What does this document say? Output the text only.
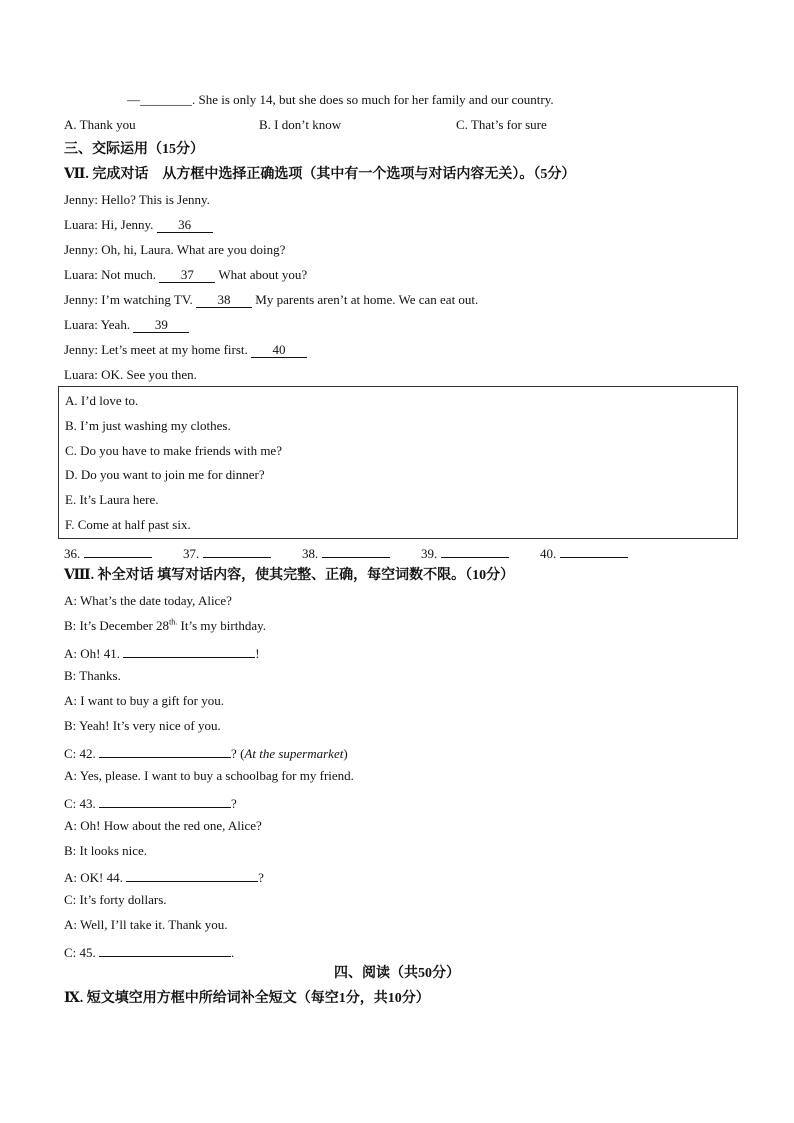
—________. She is only 14, but she does so much for her family and our country.
A. Thank you	B. I don’t know	C. That’s for sure
三、交际运用（15分）
Ⅶ. 完成对话　从方框中选择正确选项（其中有一个选项与对话内容无关）。（5分）
Jenny: Hello? This is Jenny.
Luara: Hi, Jenny. 36
Jenny: Oh, hi, Laura. What are you doing?
Luara: Not much. 37 What about you?
Jenny: I’m watching TV. 38 My parents aren’t at home. We can eat out.
Luara: Yeah. 39
Jenny: Let’s meet at my home first. 40
Luara: OK. See you then.
A. I’d love to.
B. I’m just washing my clothes.
C. Do you have to make friends with me?
D. Do you want to join me for dinner?
E. It’s Laura here.
F. Come at half past six.
36.	37.	38.	39.	40.
Ⅷ. 补全对话 填写对话内容，使其完整、正确，每空词数不限。（10分）
A: What’s the date today, Alice?
B: It’s December $28^{th.}$ It’s my birthday.
A: Oh! 41.	!
B: Thanks.
A: I want to buy a gift for you.
B: Yeah! It’s very nice of you.
C: 42.	? (At the supermarket)
A: Yes, please. I want to buy a schoolbag for my friend.
C: 43.	?
A: Oh! How about the red one, Alice?
B: It looks nice.
A: OK! 44.	?
C: It’s forty dollars.
A: Well, I’ll take it. Thank you.
C: 45.	.
四、阅读（共50分）
Ⅸ. 短文填空用方框中所给词补全短文（每空1分，共10分）
